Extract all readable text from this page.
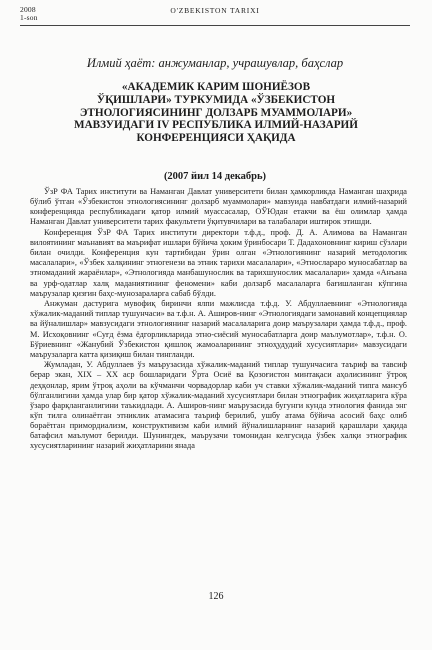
2008
1-son
O'ZBEKISTON TARIXI
Илмий ҳаёт: анжуманлар, учрашувлар, баҳслар
«АКАДЕМИК КАРИМ ШОНИЁЗОВ
ЎҚИШЛАРИ» ТУРКУМИДА «ЎЗБЕКИСТОН
ЭТНОЛОГИЯСИНИНГ ДОЛЗАРБ МУАММОЛАРИ»
МАВЗУИДАГИ IV РЕСПУБЛИКА ИЛМИЙ-НАЗАРИЙ
КОНФЕРЕНЦИЯСИ ҲАҚИДА

(2007 йил 14 декабрь)

ЎзР ФА Тарих институти ва Наманган Давлат университети билан ҳамкорликда Наманган шаҳрида бўлиб ўтган «Ўзбекистон этнологиясининг долзарб муаммолари» мавзуида навбатдаги илмий-назарий конференцияда республикадаги қатор илмий муассасалар, ОЎЮдан етакчи ва ёш олимлар ҳамда Наманган Давлат университети тарих факультети ўқитувчилари ва талабалари иштирок этишди.

Конференция ЎзР ФА Тарих институти директори т.ф.д., проф. Д. А. Алимова ва Наманган вилоятининг маънавият ва маърифат ишлари бўйича ҳоким ўринбосари Т. Дадахоновнинг кириш сўзлари билан очилди. Конференция кун тартибидан ўрин олган «Этнологиянинг назарий методологик масалалари», «Ўзбек халқининг этногенези ва этник тарихи масалалари», «Этнослараро муносабатлар ва этномаданий жараёнлар», «Этнологияда манбашунослик ва тарихшунослик масалалари» ҳамда «Анъана ва урф-одатлар халқ маданиятининг феномени» каби долзарб масалаларга бағишланган кўпгина маърузалар қизғин баҳс-мунозараларга сабаб бўлди.

Анжуман дастурига мувофиқ биринчи ялпи мажлисда т.ф.д. У. Абдуллаевнинг «Этнологияда хўжалик-маданий типлар тушунчаси» ва т.ф.н. А. Аширов-нинг «Этнологиядаги замонавий концепциялар ва йўналишлар» мавзусидаги этнологиянинг назарий масалаларига доир маърузалари ҳамда т.ф.д., проф. М. Исхоқовнинг «Суғд ёзма ёдгорликларида этно-сиёсий муносабатларга доир маълумотлар», т.ф.н. О. Бўриевнинг «Жанубий Ўзбекистон қишлоқ жамоаларининг этноҳудудий хусусиятлари» мавзусидаги маърузаларга катта қизиқиш билан тингланди.

Жумладан, У. Абдуллаев ўз маърузасида хўжалик-маданий типлар тушунчасига таъриф ва тавсиф берар экан, XIX – XX аср бошларидаги Ўрта Осиё ва Қозоғистон минтақаси аҳолисининг ўтроқ деҳқонлар, ярим ўтроқ аҳоли ва кўчманчи чорвадорлар каби уч ставки хўжалик-маданий типга мансуб бўлганлигини ҳамда улар бир қатор хўжалик-маданий хусусиятлари билан этнографик жиҳатларига кўра ўзаро фарқланганлигини таъкидлади. А. Аширов-нинг маърузасида бугунги кунда этнология фанида энг кўп тилга олинаётган этниклик атамасига таъриф берилиб, ушбу атама бўйича асосий баҳс олиб бораётган примордиализм, конструктивизм каби илмий йўналишларнинг назарий қарашлари ҳақида батафсил маълумот берилди. Шунингдек, маърузачи томонидан келгусида ўзбек халқи этнографик хусусиятларининг назарий жиҳатларини янада

126
